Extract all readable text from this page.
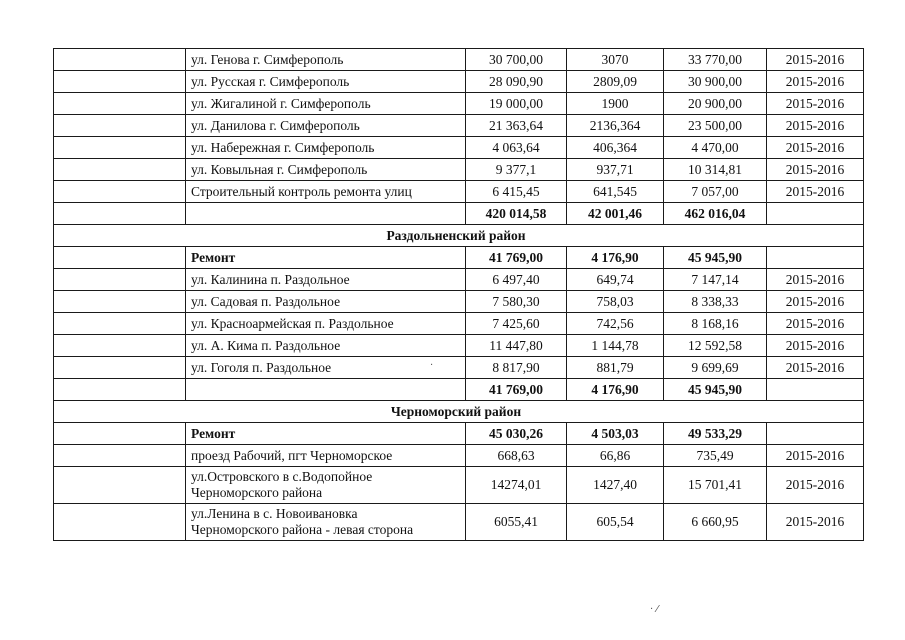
	ул. Генова г. Симферополь	30 700,00	3070	33 770,00	2015-2016
	ул. Русская г. Симферополь	28 090,90	2809,09	30 900,00	2015-2016
	ул. Жигалиной г. Симферополь	19 000,00	1900	20 900,00	2015-2016
	ул. Данилова г. Симферополь	21 363,64	2136,364	23 500,00	2015-2016
	ул. Набережная г. Симферополь	4 063,64	406,364	4 470,00	2015-2016
	ул. Ковыльная г. Симферополь	9 377,1	937,71	10 314,81	2015-2016
	Строительный контроль ремонта улиц	6 415,45	641,545	7 057,00	2015-2016
		420 014,58	42 001,46	462 016,04	
Раздольненский район					
	Ремонт	41 769,00	4 176,90	45 945,90	
	ул. Калинина п. Раздольное	6 497,40	649,74	7 147,14	2015-2016
	ул. Садовая п. Раздольное	7 580,30	758,03	8 338,33	2015-2016
	ул. Красноармейская п. Раздольное	7 425,60	742,56	8 168,16	2015-2016
	ул. А. Кима п. Раздольное	11 447,80	1 144,78	12 592,58	2015-2016
	ул. Гоголя п. Раздольное	8 817,90	881,79	9 699,69	2015-2016
		41 769,00	4 176,90	45 945,90	
Черноморский район					
	Ремонт	45 030,26	4 503,03	49 533,29	
	проезд Рабочий, пгт Черноморское	668,63	66,86	735,49	2015-2016
	ул.Островского в с.Водопойное
Черноморского района	14274,01	1427,40	15 701,41	2015-2016
	ул.Ленина в с. Новоивановка
Черноморского района - левая сторона	6055,41	605,54	6 660,95	2015-2016
·
· ⁄
